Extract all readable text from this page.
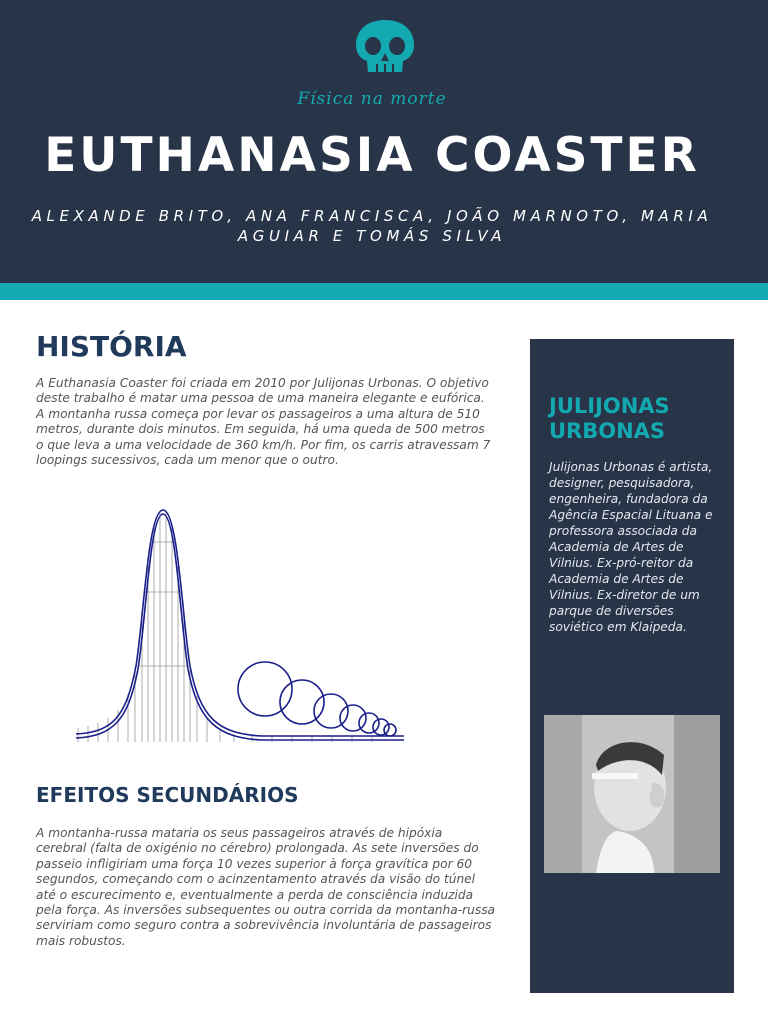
Física na morte
EUTHANASIA COASTER
ALEXANDE BRITO, ANA FRANCISCA, JOÃO MARNOTO, MARIA AGUIAR E TOMÁS SILVA
HISTÓRIA
A Euthanasia Coaster foi criada em 2010 por Julijonas Urbonas. O objetivo deste trabalho é matar uma pessoa de uma maneira elegante e eufórica.
A montanha russa começa por levar os passageiros a uma altura de 510 metros, durante dois minutos. Em seguida, há uma queda de 500 metros o que leva a uma velocidade de 360 km/h. Por fim, os carris atravessam 7 loopings sucessivos, cada um menor que o outro.
EFEITOS SECUNDÁRIOS
A montanha-russa mataria os seus passageiros através de hipóxia cerebral (falta de oxigénio no cérebro) prolongada. As sete inversões do passeio infligiriam uma força 10 vezes superior à força gravítica por 60 segundos, começando com o acinzentamento através da visão do túnel até o escurecimento e, eventualmente a perda de consciência induzida pela força. As inversões subsequentes ou outra corrida da montanha-russa serviriam como seguro contra a sobrevivência involuntária de passageiros mais robustos.
JULIJONAS URBONAS
Julijonas Urbonas é artista, designer, pesquisadora, engenheira, fundadora da Agência Espacial Lituana e professora associada da Academia de Artes de Vilnius. Ex-pró-reitor da Academia de Artes de Vilnius. Ex-diretor de um parque de diversões soviético em Klaipeda.
